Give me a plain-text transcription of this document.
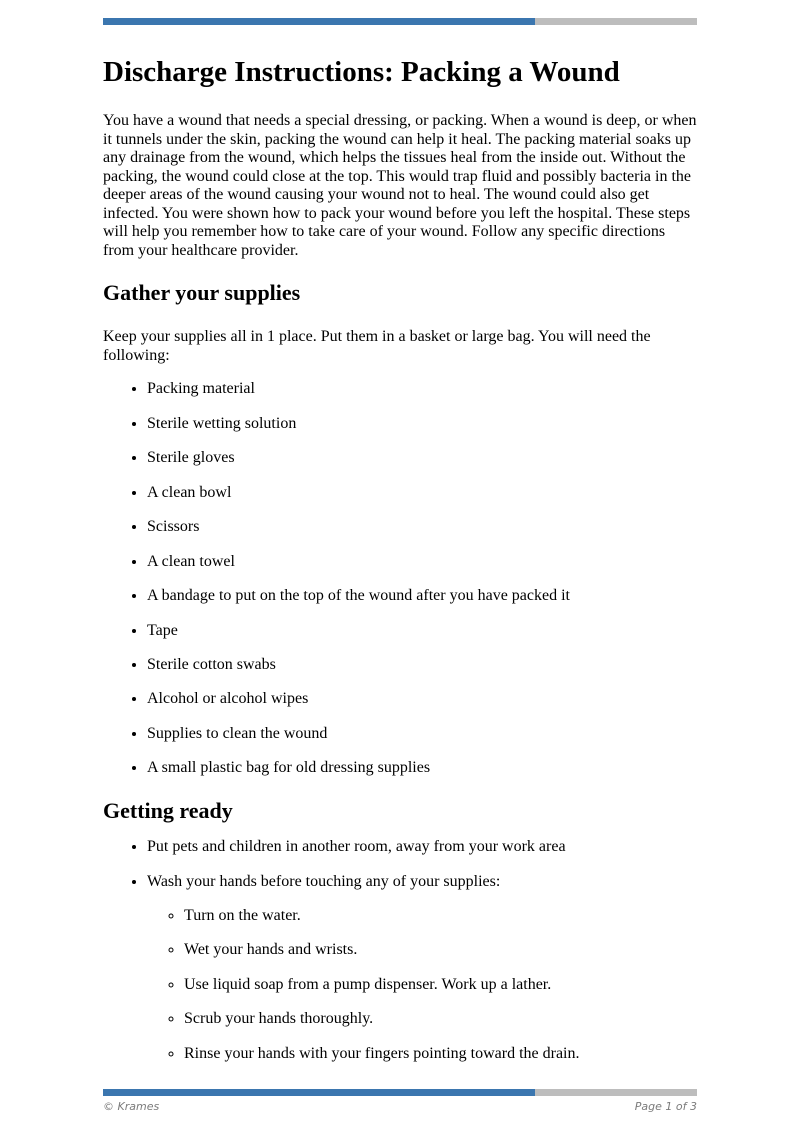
Discharge Instructions: Packing a Wound

You have a wound that needs a special dressing, or packing. When a wound is deep, or when it tunnels under the skin, packing the wound can help it heal. The packing material soaks up any drainage from the wound, which helps the tissues heal from the inside out. Without the packing, the wound could close at the top. This would trap fluid and possibly bacteria in the deeper areas of the wound causing your wound not to heal. The wound could also get infected. You were shown how to pack your wound before you left the hospital. These steps will help you remember how to take care of your wound. Follow any specific directions from your healthcare provider.

Gather your supplies

Keep your supplies all in 1 place. Put them in a basket or large bag. You will need the following:

• Packing material
• Sterile wetting solution
• Sterile gloves
• A clean bowl
• Scissors
• A clean towel
• A bandage to put on the top of the wound after you have packed it
• Tape
• Sterile cotton swabs
• Alcohol or alcohol wipes
• Supplies to clean the wound
• A small plastic bag for old dressing supplies
Getting ready
• Put pets and children in another room, away from your work area
• Wash your hands before touching any of your supplies:
◦ Turn on the water.
◦ Wet your hands and wrists.
◦ Use liquid soap from a pump dispenser. Work up a lather.
◦ Scrub your hands thoroughly.
◦ Rinse your hands with your fingers pointing toward the drain.
© Krames	Page 1 of 3
